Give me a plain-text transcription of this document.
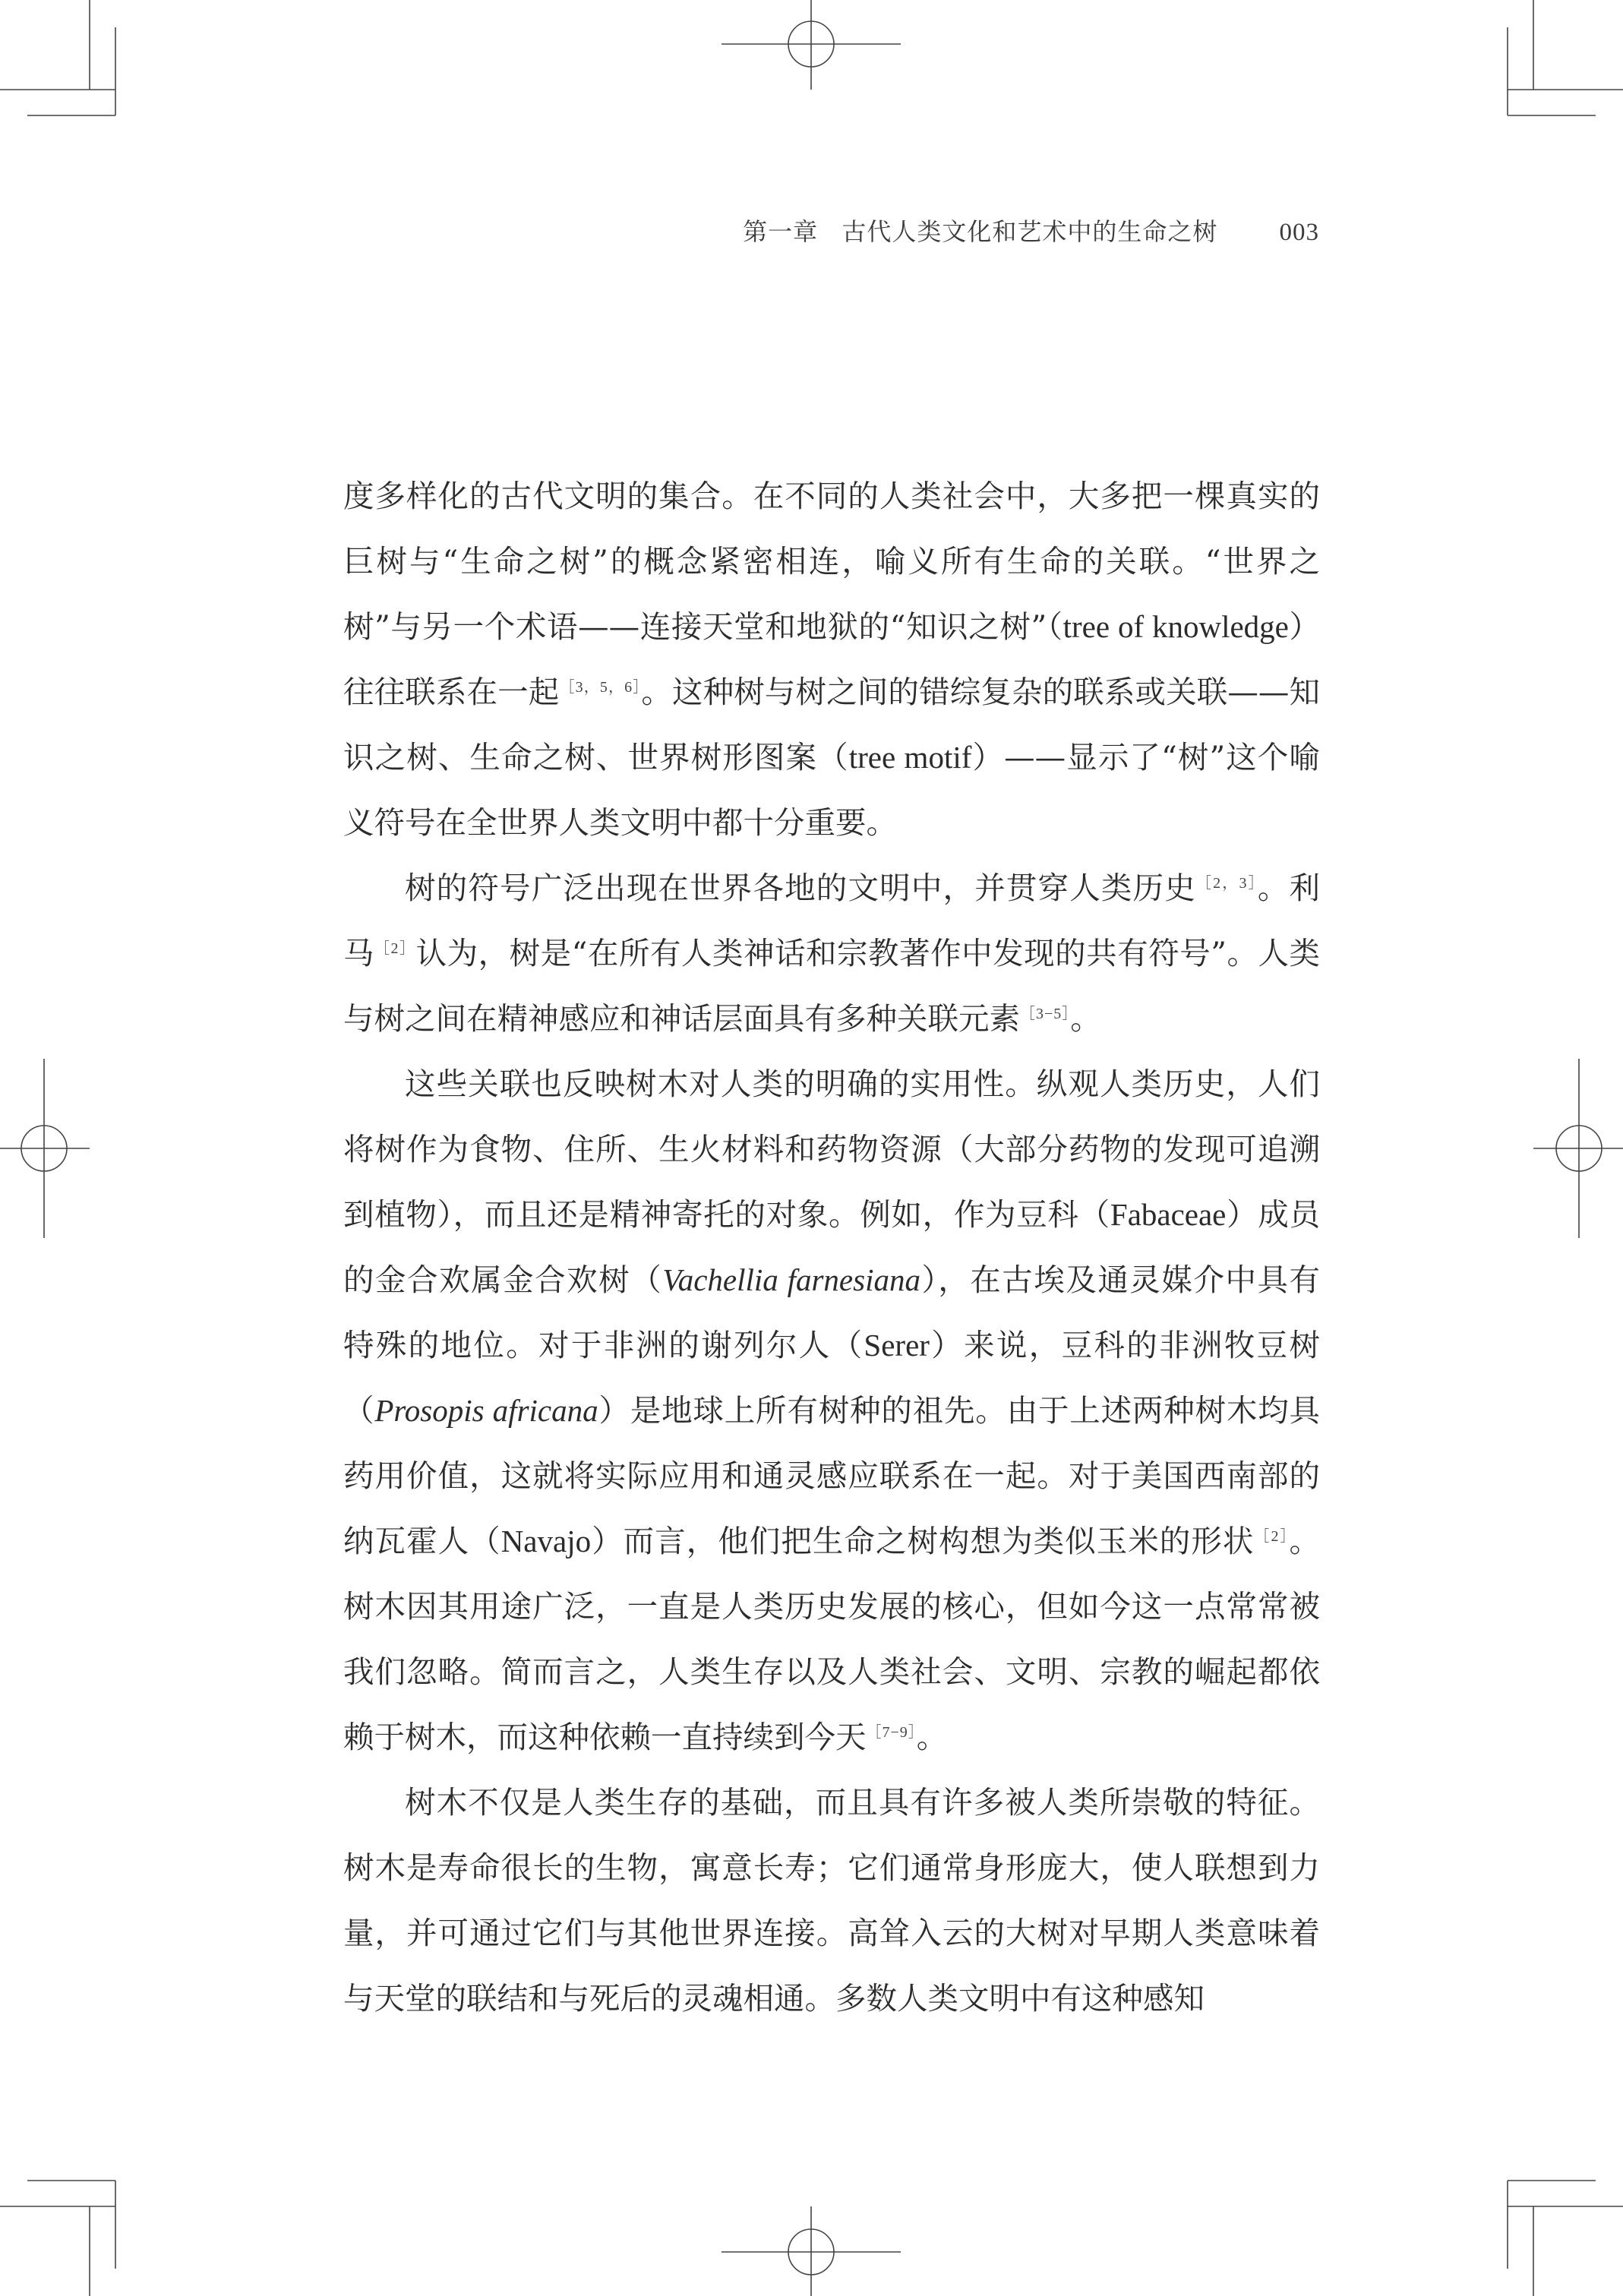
第一章 古代人类文化和艺术中的生命之树 003

度多样化的古代文明的集合。在不同的人类社会中，大多把一棵真实的巨树与“生命之树”的概念紧密相连，喻义所有生命的关联。“世界之树”与另一个术语——连接天堂和地狱的“知识之树”（tree of knowledge）往往联系在一起$^{[3,5,6]}$。这种树与树之间的错综复杂的联系或关联——知识之树、生命之树、世界树形图案（tree motif）——显示了“树”这个喻义符号在全世界人类文明中都十分重要。

树的符号广泛出现在世界各地的文明中，并贯穿人类历史$^{[2,3]}$。利马$^{[2]}$认为，树是“在所有人类神话和宗教著作中发现的共有符号”。人类与树之间在精神感应和神话层面具有多种关联元素$^{[3-5]}$。

这些关联也反映树木对人类的明确的实用性。纵观人类历史，人们将树作为食物、住所、生火材料和药物资源（大部分药物的发现可追溯到植物），而且还是精神寄托的对象。例如，作为豆科（Fabaceae）成员的金合欢属金合欢树（Vachellia farnesiana），在古埃及通灵媒介中具有特殊的地位。对于非洲的谢列尔人（Serer）来说，豆科的非洲牧豆树（Prosopis africana）是地球上所有树种的祖先。由于上述两种树木均具药用价值，这就将实际应用和通灵感应联系在一起。对于美国西南部的纳瓦霍人（Navajo）而言，他们把生命之树构想为类似玉米的形状$^{[2]}$。树木因其用途广泛，一直是人类历史发展的核心，但如今这一点常常被我们忽略。简而言之，人类生存以及人类社会、文明、宗教的崛起都依赖于树木，而这种依赖一直持续到今天$^{[7-9]}$。

树木不仅是人类生存的基础，而且具有许多被人类所崇敬的特征。树木是寿命很长的生物，寓意长寿；它们通常身形庞大，使人联想到力量，并可通过它们与其他世界连接。高耸入云的大树对早期人类意味着与天堂的联结和与死后的灵魂相通。多数人类文明中有这种感知
